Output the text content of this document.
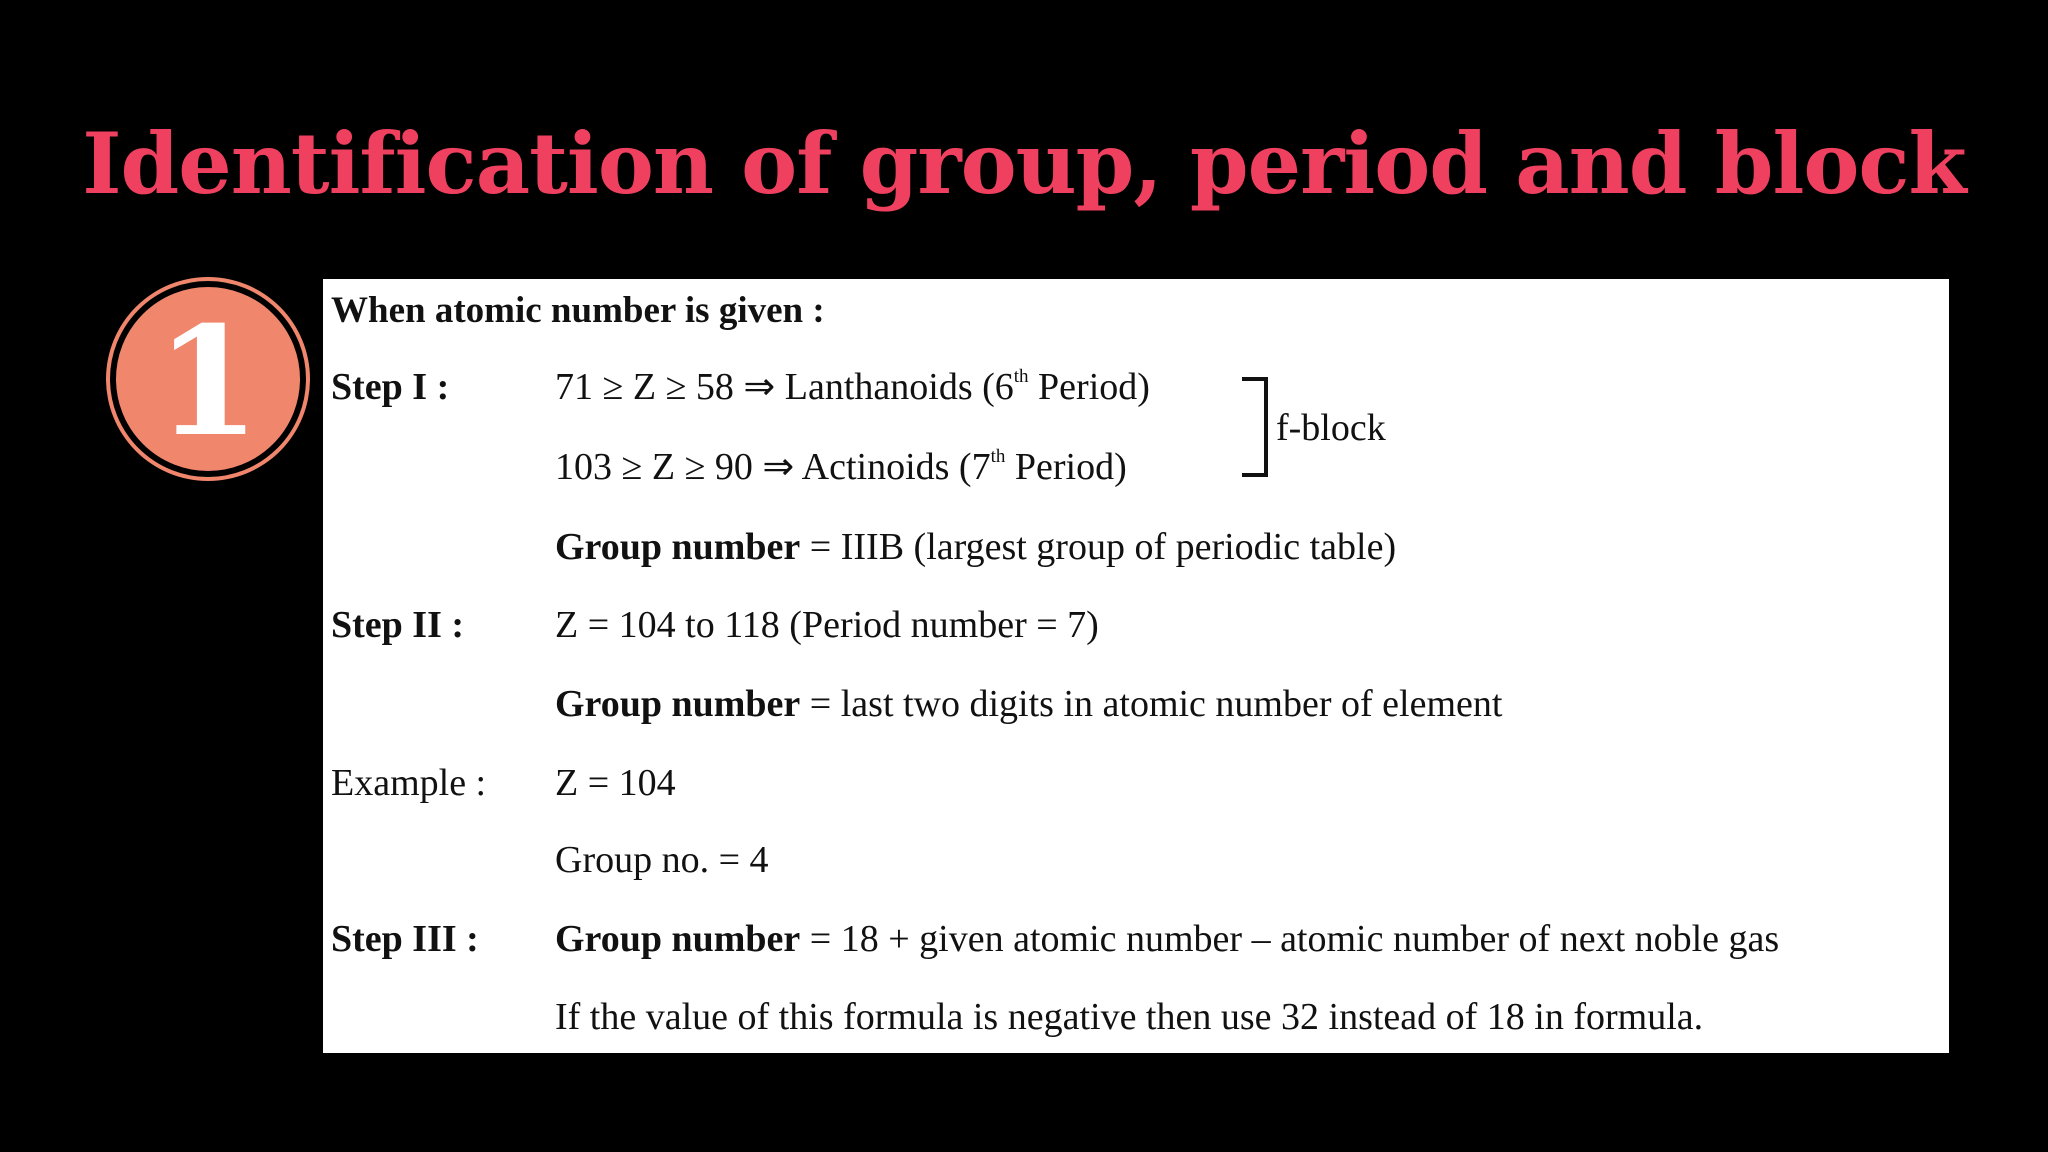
Identification of group, period and block
1	When atomic number is given :
Step I :	71 ≥ Z ≥ 58 ⇒ Lanthanoids (6th Period)
103 ≥ Z ≥ 90 ⇒ Actinoids (7th Period)
f-block
Group number = IIIB (largest group of periodic table)
Step II : Z = 104 to 118 (Period number = 7)
Group number = last two digits in atomic number of element
Example : Z = 104
Group no. = 4
Step III : Group number = 18 + given atomic number – atomic number of next noble gas
If the value of this formula is negative then use 32 instead of 18 in formula.
